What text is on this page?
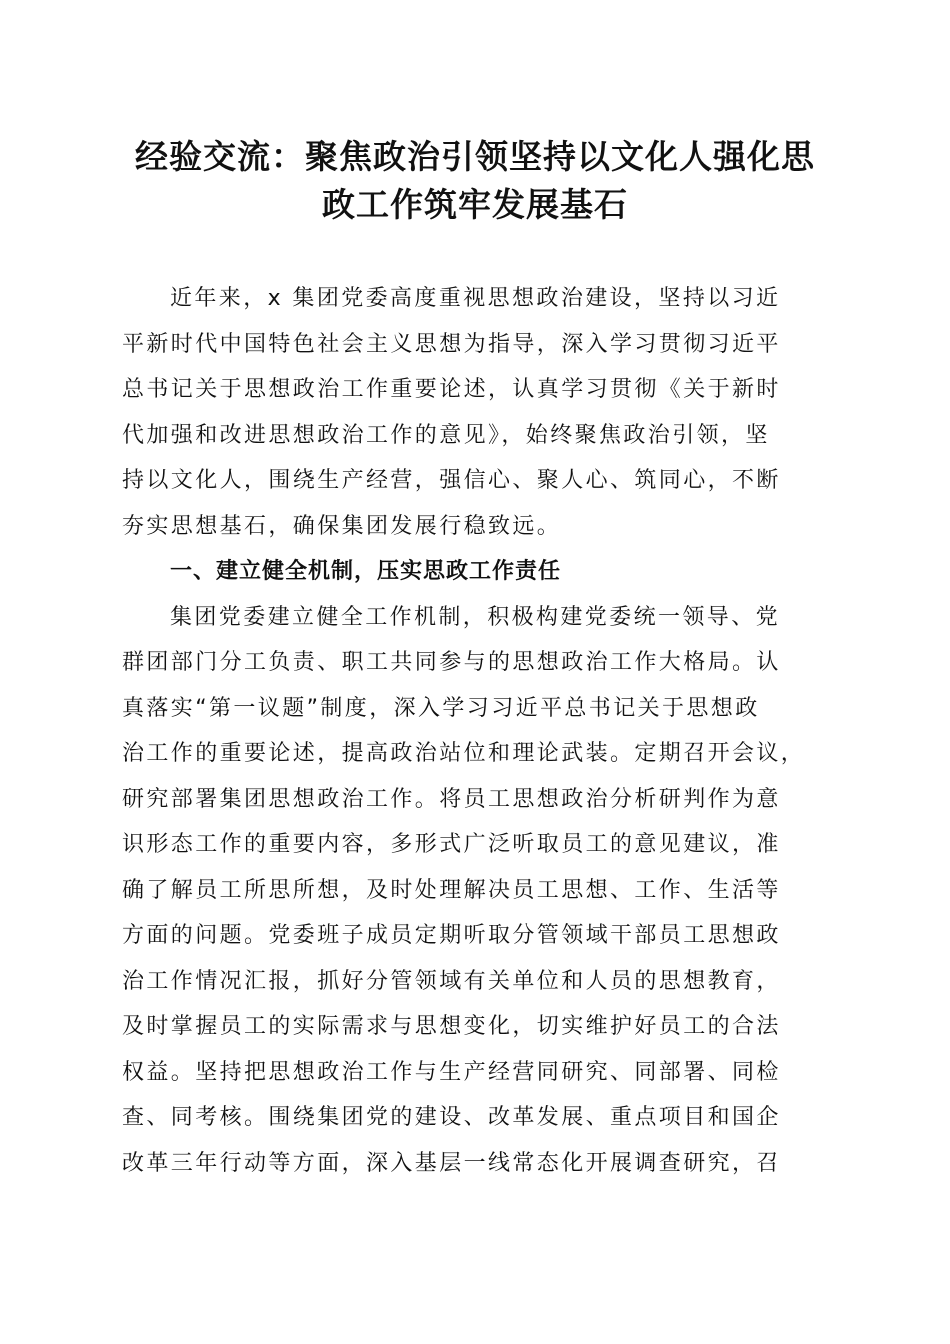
经验交流：聚焦政治引领坚持以文化人强化思
政工作筑牢发展基石
近年来，x 集团党委高度重视思想政治建设，坚持以习近
平新时代中国特色社会主义思想为指导，深入学习贯彻习近平
总书记关于思想政治工作重要论述，认真学习贯彻《关于新时
代加强和改进思想政治工作的意见》，始终聚焦政治引领，坚
持以文化人，围绕生产经营，强信心、聚人心、筑同心，不断
夯实思想基石，确保集团发展行稳致远。
一、建立健全机制，压实思政工作责任
集团党委建立健全工作机制，积极构建党委统一领导、党
群团部门分工负责、职工共同参与的思想政治工作大格局。认
真落实“第一议题”制度，深入学习习近平总书记关于思想政
治工作的重要论述，提高政治站位和理论武装。定期召开会议，
研究部署集团思想政治工作。将员工思想政治分析研判作为意
识形态工作的重要内容，多形式广泛听取员工的意见建议，准
确了解员工所思所想，及时处理解决员工思想、工作、生活等
方面的问题。党委班子成员定期听取分管领域干部员工思想政
治工作情况汇报，抓好分管领域有关单位和人员的思想教育，
及时掌握员工的实际需求与思想变化，切实维护好员工的合法
权益。坚持把思想政治工作与生产经营同研究、同部署、同检
查、同考核。围绕集团党的建设、改革发展、重点项目和国企
改革三年行动等方面，深入基层一线常态化开展调查研究，召
